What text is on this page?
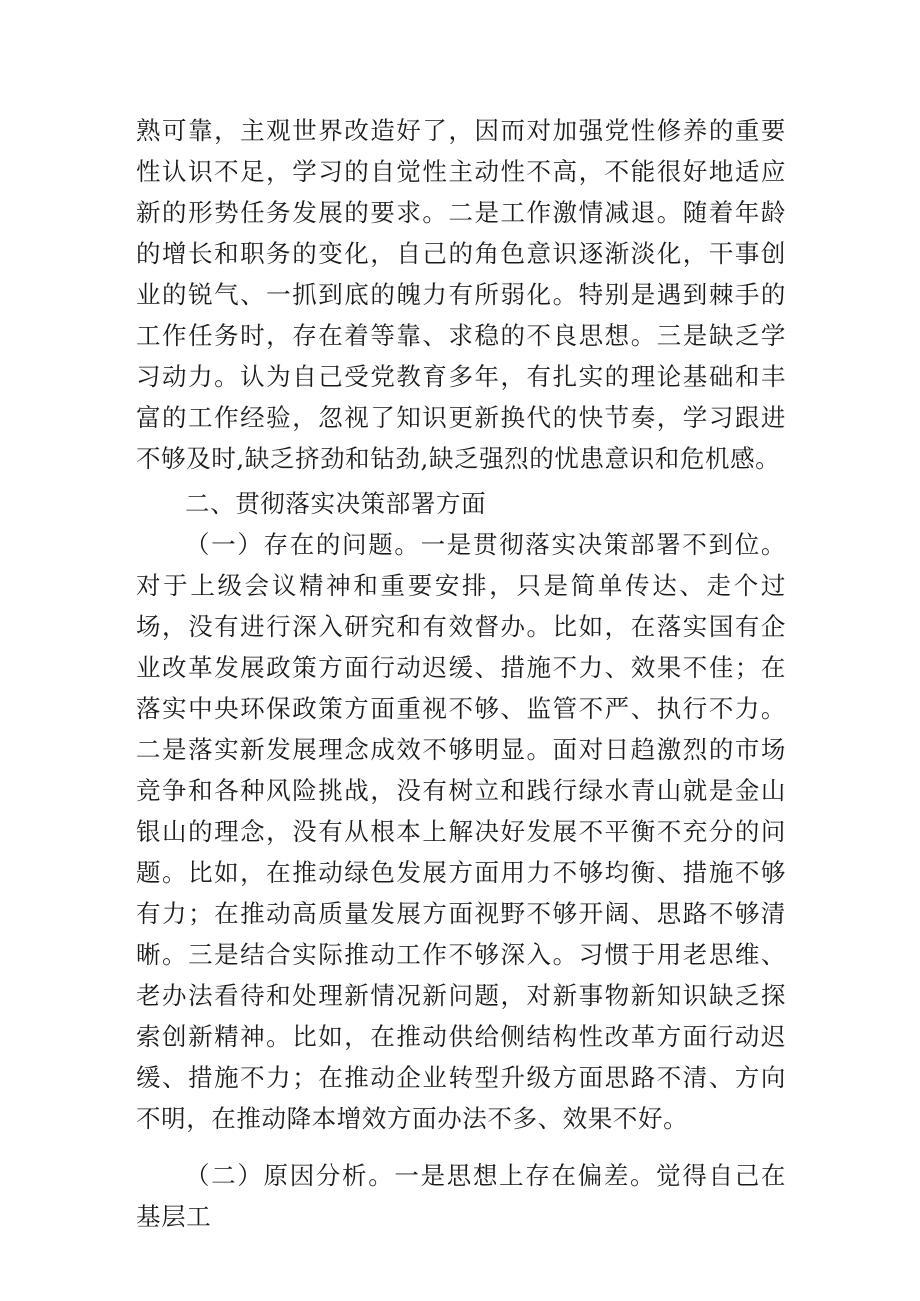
熟可靠，主观世界改造好了，因而对加强党性修养的重要性认识不足，学习的自觉性主动性不高，不能很好地适应新的形势任务发展的要求。二是工作激情减退。随着年龄的增长和职务的变化，自己的角色意识逐渐淡化，干事创业的锐气、一抓到底的魄力有所弱化。特别是遇到棘手的工作任务时，存在着等靠、求稳的不良思想。三是缺乏学习动力。认为自己受党教育多年，有扎实的理论基础和丰富的工作经验，忽视了知识更新换代的快节奏，学习跟进不够及时,缺乏挤劲和钻劲,缺乏强烈的忧患意识和危机感。

二、贯彻落实决策部署方面

（一）存在的问题。一是贯彻落实决策部署不到位。对于上级会议精神和重要安排，只是简单传达、走个过场，没有进行深入研究和有效督办。比如，在落实国有企业改革发展政策方面行动迟缓、措施不力、效果不佳；在落实中央环保政策方面重视不够、监管不严、执行不力。二是落实新发展理念成效不够明显。面对日趋激烈的市场竞争和各种风险挑战，没有树立和践行绿水青山就是金山银山的理念，没有从根本上解决好发展不平衡不充分的问题。比如，在推动绿色发展方面用力不够均衡、措施不够有力；在推动高质量发展方面视野不够开阔、思路不够清晰。三是结合实际推动工作不够深入。习惯于用老思维、老办法看待和处理新情况新问题，对新事物新知识缺乏探索创新精神。比如，在推动供给侧结构性改革方面行动迟缓、措施不力；在推动企业转型升级方面思路不清、方向不明，在推动降本增效方面办法不多、效果不好。

（二）原因分析。一是思想上存在偏差。觉得自己在基层工
